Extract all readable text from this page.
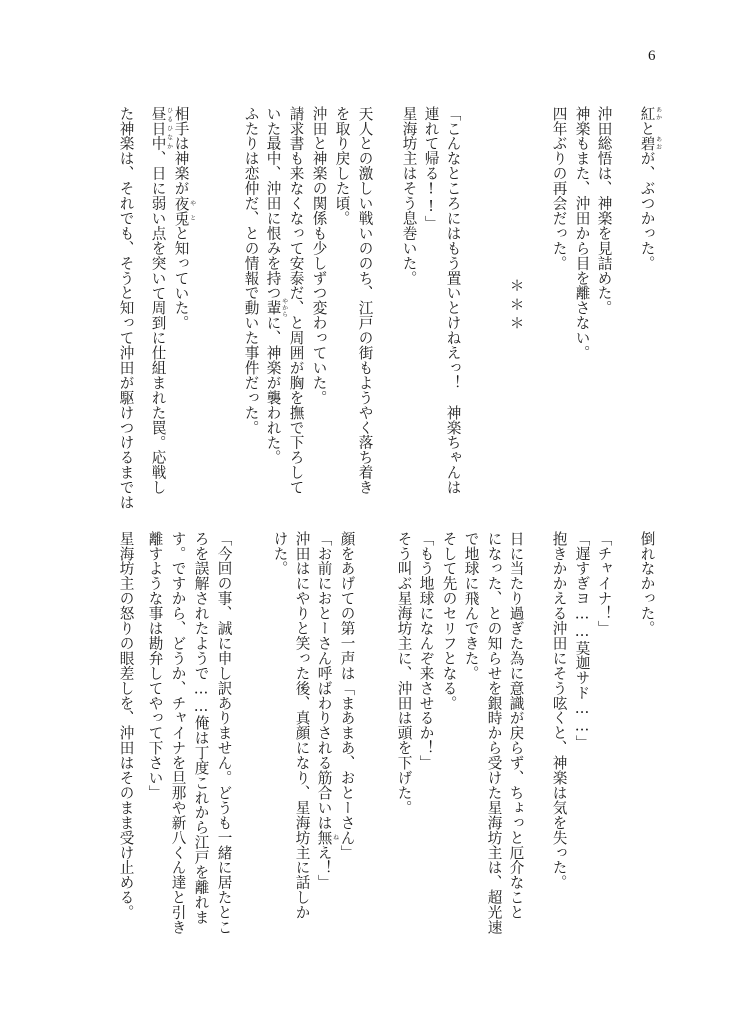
6
紅 あかと碧 あおが、ぶつかった。
沖田総悟は、神楽を見詰めた。
神楽もまた、沖田から目を離さない。
四年ぶりの再会だった。
＊＊＊
「こんなところにはもう置いとけねえっ！　神楽ちゃんは
連れて帰る!!」
星海坊主はそう息巻いた。
天人との激しい戦いののち、江戸の街もようやく落ち着き
を取り戻した頃。
沖田と神楽の関係も少しずつ変わっていた。
請求書も来なくなって安泰だ、と周囲が胸を撫で下ろして
いた最中、沖田に恨みを持つ輩 やからに、神楽が襲われた。
ふたりは恋仲だ、との情報で動いた事件だった。
相手は神楽が夜兎 やとと知っていた。
昼日中 ひるひなか、日に弱い点を突いて周到に仕組まれた罠。応戦し
た神楽は、それでも、そうと知って沖田が駆けつけるまでは
倒れなかった。
「チャイナ！」
「遅すぎヨ……莫迦サド……」
抱きかかえる沖田にそう呟くと、神楽は気を失った。
日に当たり過ぎた為に意識が戻らず、ちょっと厄介なこと
になった、との知らせを銀時から受けた星海坊主は、超光速
で地球に飛んできた。
そして先のセリフとなる。
「もう地球になんぞ来させるか！」
そう叫ぶ星海坊主に、沖田は頭を下げた。
顔をあげての第一声は「まあまあ、おとーさん」
「お前におとーさん呼ばわりされる筋合いは無 ねえ！」
沖田はにやりと笑った後、真顔になり、星海坊主に話しか
けた。
「今回の事、誠に申し訳ありません。どうも一緒に居たとこ
ろを誤解されたようで……俺は丁度これから江戸を離れま
す。ですから、どうか、チャイナを旦那や新八くん達と引き
離すような事は勘弁してやって下さい」
星海坊主の怒りの眼差しを、沖田はそのまま受け止める。
